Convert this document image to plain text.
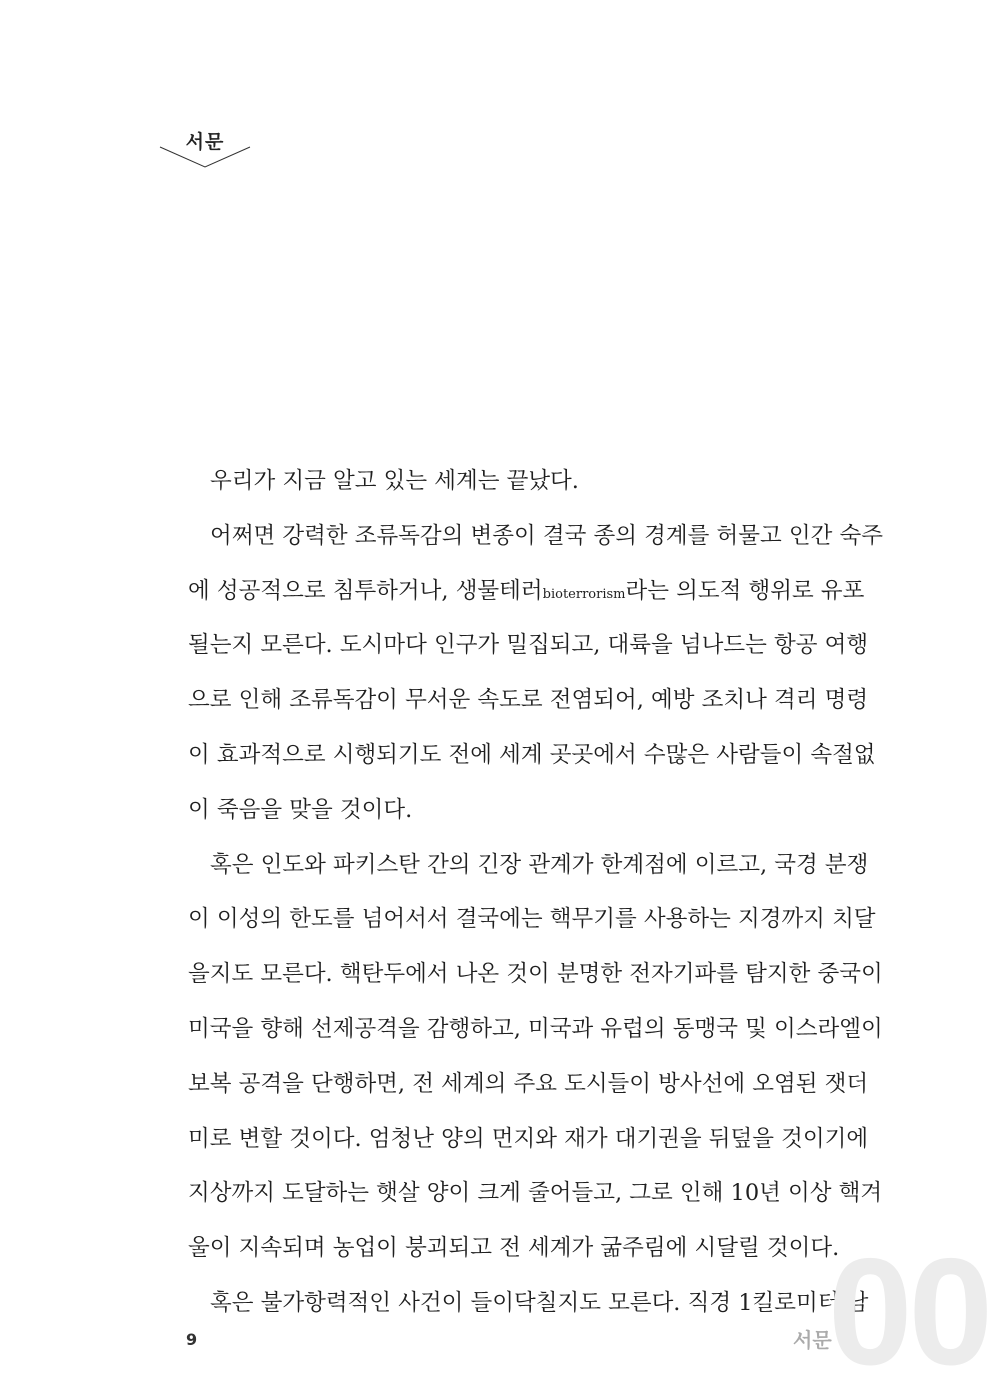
서문
우리가 지금 알고 있는 세계는 끝났다.
어쩌면 강력한 조류독감의 변종이 결국 종의 경계를 허물고 인간 숙주
에 성공적으로 침투하거나, 생물테러bioterrorism라는 의도적 행위로 유포
될는지 모른다. 도시마다 인구가 밀집되고, 대륙을 넘나드는 항공 여행
으로 인해 조류독감이 무서운 속도로 전염되어, 예방 조치나 격리 명령
이 효과적으로 시행되기도 전에 세계 곳곳에서 수많은 사람들이 속절없
이 죽음을 맞을 것이다.
혹은 인도와 파키스탄 간의 긴장 관계가 한계점에 이르고, 국경 분쟁
이 이성의 한도를 넘어서서 결국에는 핵무기를 사용하는 지경까지 치달
을지도 모른다. 핵탄두에서 나온 것이 분명한 전자기파를 탐지한 중국이
미국을 향해 선제공격을 감행하고, 미국과 유럽의 동맹국 및 이스라엘이
보복 공격을 단행하면, 전 세계의 주요 도시들이 방사선에 오염된 잿더
미로 변할 것이다. 엄청난 양의 먼지와 재가 대기권을 뒤덮을 것이기에
지상까지 도달하는 햇살 양이 크게 줄어들고, 그로 인해 10년 이상 핵겨
울이 지속되며 농업이 붕괴되고 전 세계가 굶주림에 시달릴 것이다.
혹은 불가항력적인 사건이 들이닥칠지도 모른다. 직경 1킬로미터 남
00
서문
9
